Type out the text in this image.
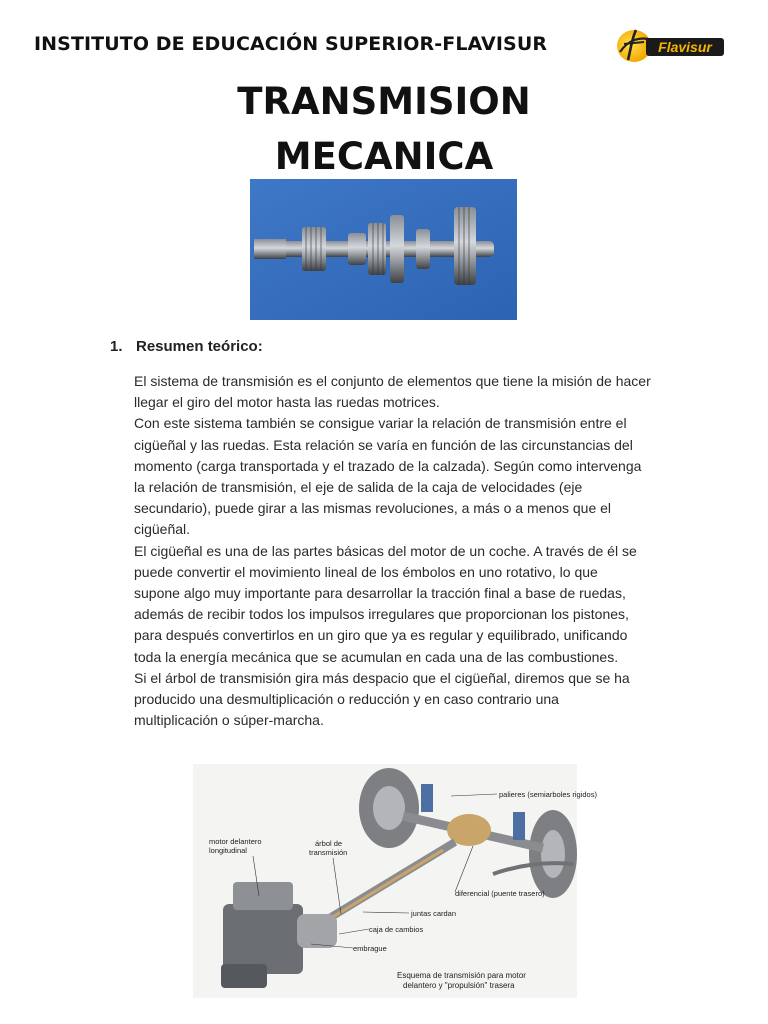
INSTITUTO DE EDUCACIÓN SUPERIOR-FLAVISUR	Flavisur
TRANSMISION
MECANICA
1. Resumen teórico:
El sistema de transmisión es el conjunto de elementos que tiene la misión de hacer
llegar el giro del motor hasta las ruedas motrices.
Con este sistema también se consigue variar la relación de transmisión entre el
cigüeñal y las ruedas. Esta relación se varía en función de las circunstancias del
momento (carga transportada y el trazado de la calzada). Según como intervenga
la relación de transmisión, el eje de salida de la caja de velocidades (eje
secundario), puede girar a las mismas revoluciones, a más o a menos que el
cigüeñal.
El cigüeñal es una de las partes básicas del motor de un coche. A través de él se
puede convertir el movimiento lineal de los émbolos en uno rotativo, lo que
supone algo muy importante para desarrollar la tracción final a base de ruedas,
además de recibir todos los impulsos irregulares que proporcionan los pistones,
para después convertirlos en un giro que ya es regular y equilibrado, unificando
toda la energía mecánica que se acumulan en cada una de las combustiones.
Si el árbol de transmisión gira más despacio que el cigüeñal, diremos que se ha
producido una desmultiplicación o reducción y en caso contrario una
multiplicación o súper-marcha.
palieres (semiarboles rigidos)
motor delantero
longitudinal
árbol de
transmisión
diferencial (puente trasero)
juntas cardan
caja de cambios
embrague
Esquema de transmisión para motor
delantero y "propulsión" trasera
